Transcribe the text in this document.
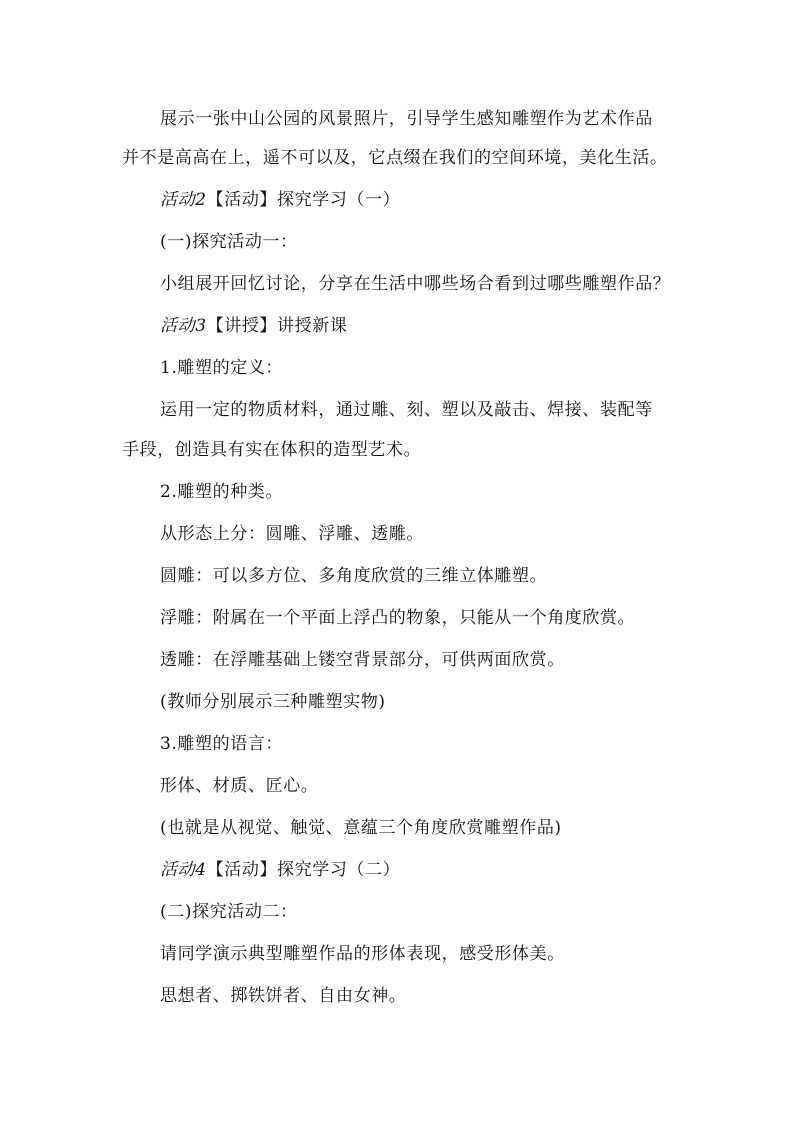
展示一张中山公园的风景照片，引导学生感知雕塑作为艺术作品
并不是高高在上，遥不可以及，它点缀在我们的空间环境，美化生活。
活动2【活动】探究学习（一）
(一)探究活动一：
小组展开回忆讨论，分享在生活中哪些场合看到过哪些雕塑作品？
活动3【讲授】讲授新课
1.雕塑的定义：
运用一定的物质材料，通过雕、刻、塑以及敲击、焊接、装配等
手段，创造具有实在体积的造型艺术。
2.雕塑的种类。
从形态上分：圆雕、浮雕、透雕。
圆雕：可以多方位、多角度欣赏的三维立体雕塑。
浮雕：附属在一个平面上浮凸的物象，只能从一个角度欣赏。
透雕：在浮雕基础上镂空背景部分，可供两面欣赏。
(教师分别展示三种雕塑实物)
3.雕塑的语言：
形体、材质、匠心。
(也就是从视觉、触觉、意蕴三个角度欣赏雕塑作品)
活动4【活动】探究学习（二）
(二)探究活动二：
请同学演示典型雕塑作品的形体表现，感受形体美。
思想者、掷铁饼者、自由女神。
